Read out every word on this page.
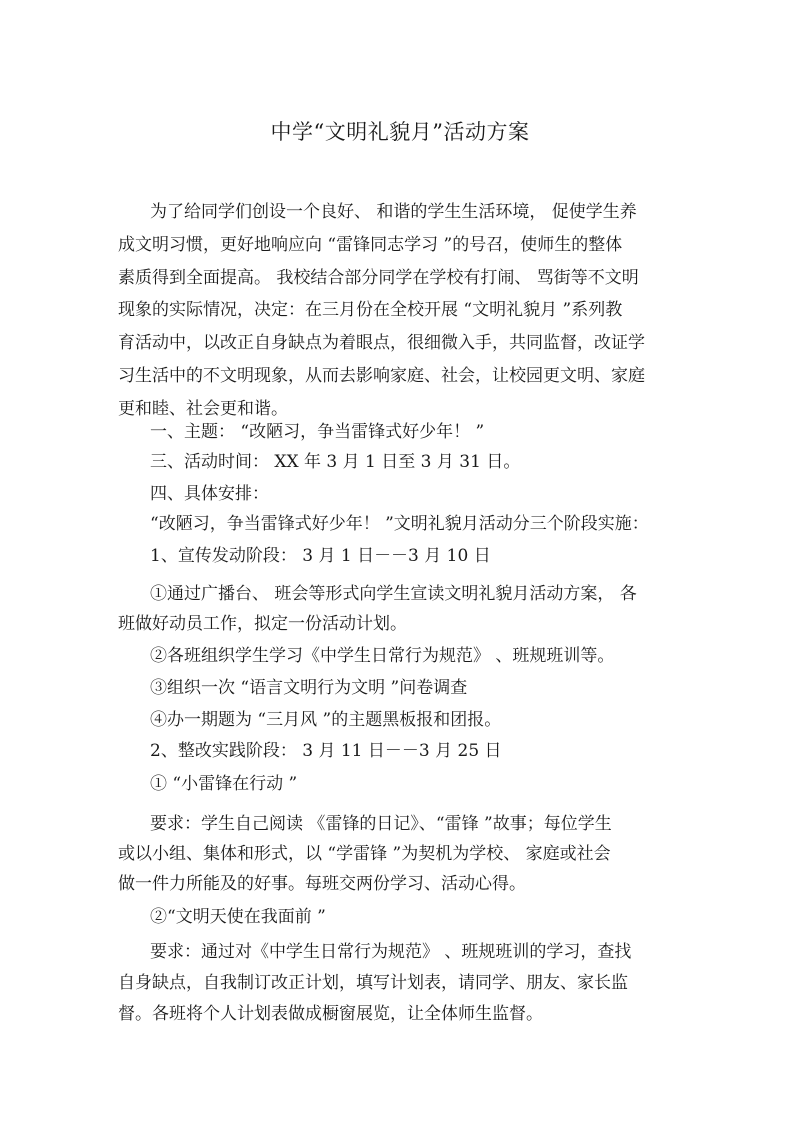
中学“文明礼貌月”活动方案
为了给同学们创设一个良好、 和谐的学生生活环境， 促使学生养
成文明习惯，更好地响应向 “雷锋同志学习 ”的号召，使师生的整体
素质得到全面提高。 我校结合部分同学在学校有打闹、 骂街等不文明
现象的实际情况，决定：在三月份在全校开展 “文明礼貌月 ”系列教
育活动中，以改正自身缺点为着眼点，很细微入手，共同监督，改证学
习生活中的不文明现象，从而去影响家庭、社会，让校园更文明、家庭
更和睦、社会更和谐。
一、主题： “改陋习，争当雷锋式好少年！ ”
三、活动时间： XX 年 3 月 1 日至 3 月 31 日。
四、具体安排：
“改陋习，争当雷锋式好少年！ ”文明礼貌月活动分三个阶段实施：
1、宣传发动阶段： 3 月 1 日－－3 月 10 日
①通过广播台、 班会等形式向学生宣读文明礼貌月活动方案， 各
班做好动员工作，拟定一份活动计划。
②各班组织学生学习《中学生日常行为规范》 、班规班训等。
③组织一次 “语言文明行为文明 ”问卷调查
④办一期题为 “三月风 ”的主题黑板报和团报。
2、整改实践阶段： 3 月 11 日－－3 月 25 日
① “小雷锋在行动 ”
要求：学生自己阅读 《雷锋的日记》、“雷锋 ”故事；每位学生
或以小组、集体和形式，以 “学雷锋 ”为契机为学校、 家庭或社会
做一件力所能及的好事。每班交两份学习、活动心得。
②“文明天使在我面前 ”
要求：通过对《中学生日常行为规范》 、班规班训的学习，查找
自身缺点，自我制订改正计划，填写计划表，请同学、朋友、家长监
督。各班将个人计划表做成橱窗展览，让全体师生监督。
